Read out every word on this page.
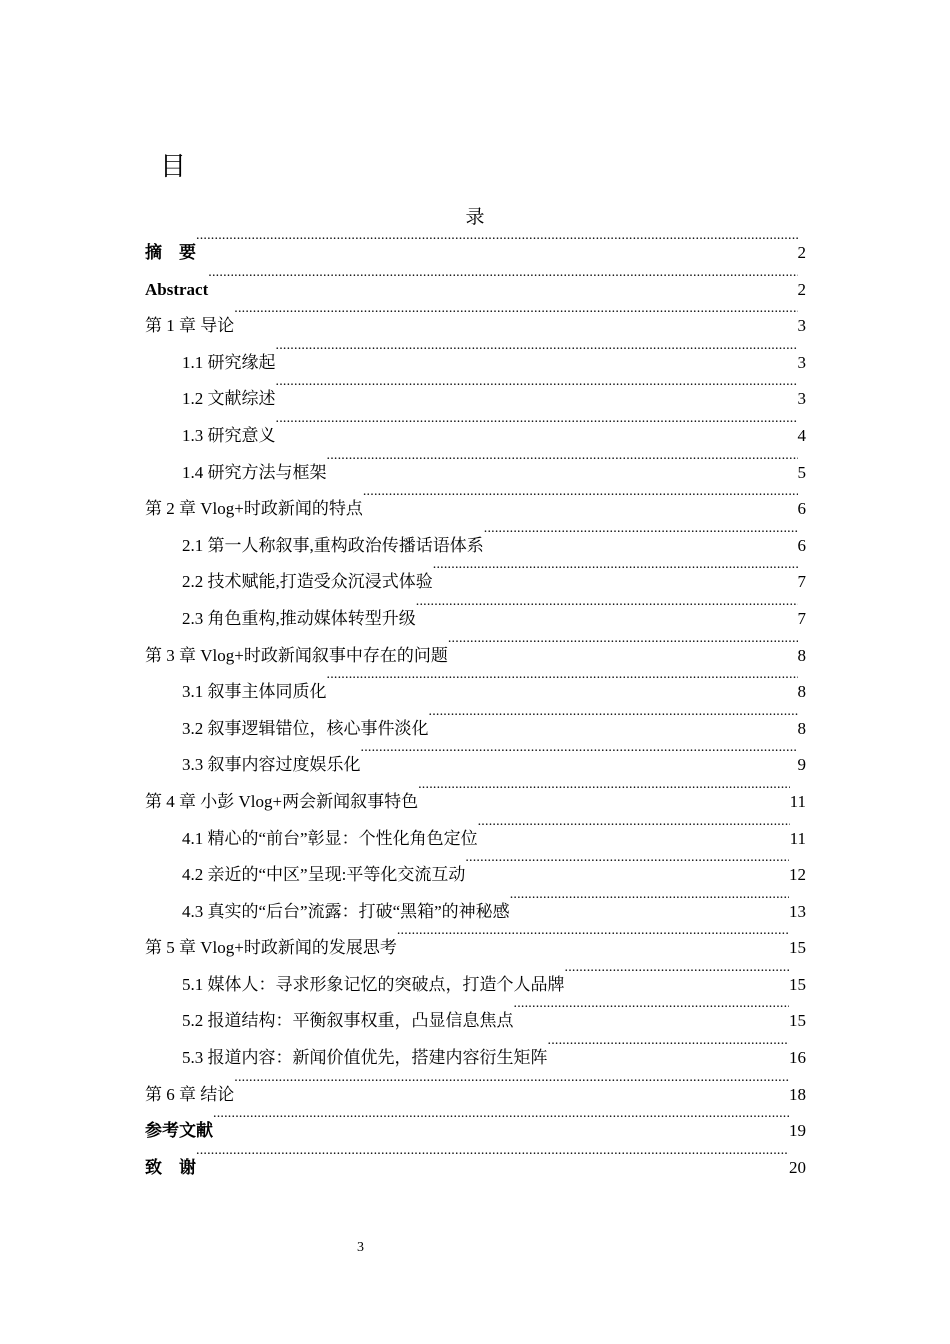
目
录
摘　要 .....	2
Abstract .....	2
第 1 章 导论 .....	3
1.1 研究缘起 .....	3
1.2 文献综述 .....	3
1.3 研究意义 .....	4
1.4 研究方法与框架 .....	5
第 2 章 Vlog+时政新闻的特点 .....	6
2.1 第一人称叙事,重构政治传播话语体系 .....	6
2.2 技术赋能,打造受众沉浸式体验 .....	7
2.3 角色重构,推动媒体转型升级 .....	7
第 3 章 Vlog+时政新闻叙事中存在的问题 .....	8
3.1 叙事主体同质化 .....	8
3.2 叙事逻辑错位，核心事件淡化 .....	8
3.3 叙事内容过度娱乐化 .....	9
第 4 章 小彭 Vlog+两会新闻叙事特色 .....	11
4.1 精心的“前台”彰显：个性化角色定位 .....	11
4.2 亲近的“中区”呈现:平等化交流互动 .....	12
4.3 真实的“后台”流露：打破“黑箱”的神秘感 .....	13
第 5 章 Vlog+时政新闻的发展思考 .....	15
5.1 媒体人：寻求形象记忆的突破点，打造个人品牌 .....	15
5.2 报道结构：平衡叙事权重，凸显信息焦点 .....	15
5.3 报道内容：新闻价值优先，搭建内容衍生矩阵 .....	16
第 6 章 结论 .....	18
参考文献 .....	19
致　谢 .....	20
3
